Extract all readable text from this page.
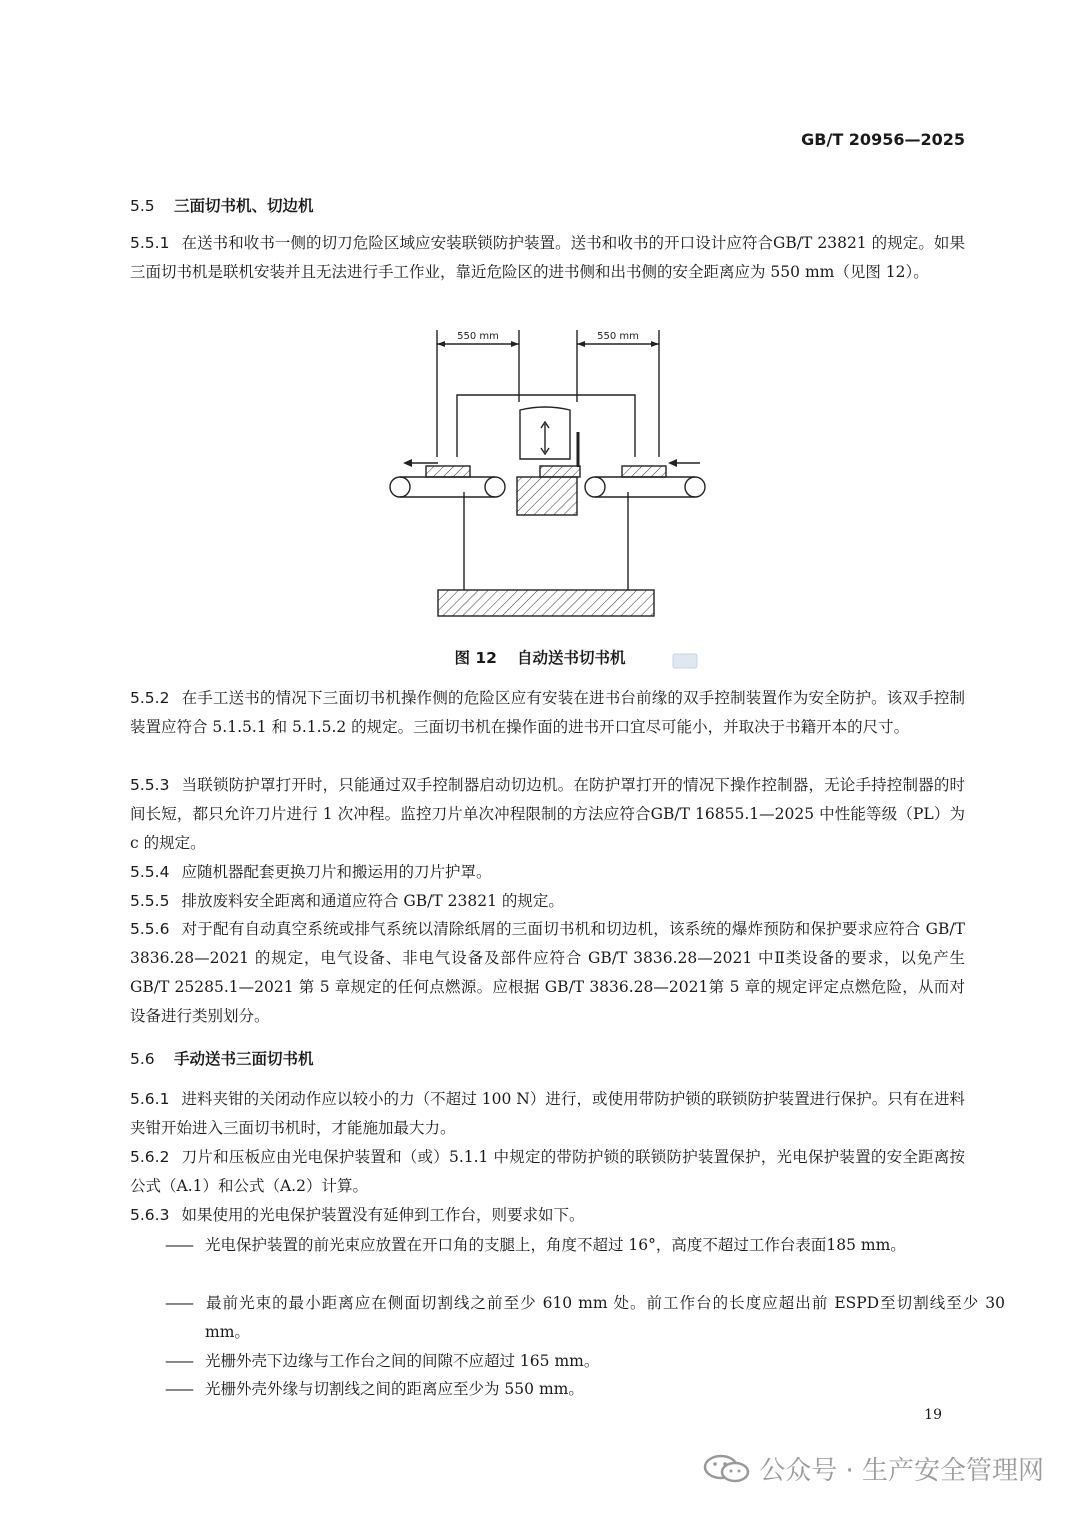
GB/T 20956—2025
5.5 三面切书机、切边机
5.5.1 在送书和收书一侧的切刀危险区域应安装联锁防护装置。送书和收书的开口设计应符合GB/T 23821 的规定。如果三面切书机是联机安装并且无法进行手工作业，靠近危险区的进书侧和出书侧的安全距离应为 550 mm（见图 12）。
550 mm	550 mm
图 12 自动送书切书机
5.5.2 在手工送书的情况下三面切书机操作侧的危险区应有安装在进书台前缘的双手控制装置作为安全防护。该双手控制装置应符合 5.1.5.1 和 5.1.5.2 的规定。三面切书机在操作面的进书开口宜尽可能小，并取决于书籍开本的尺寸。
5.5.3 当联锁防护罩打开时，只能通过双手控制器启动切边机。在防护罩打开的情况下操作控制器，无论手持控制器的时间长短，都只允许刀片进行 1 次冲程。监控刀片单次冲程限制的方法应符合GB/T 16855.1—2025 中性能等级（PL）为 c 的规定。
5.5.4 应随机器配套更换刀片和搬运用的刀片护罩。
5.5.5 排放废料安全距离和通道应符合 GB/T 23821 的规定。
5.5.6 对于配有自动真空系统或排气系统以清除纸屑的三面切书机和切边机，该系统的爆炸预防和保护要求应符合 GB/T 3836.28—2021 的规定，电气设备、非电气设备及部件应符合 GB/T 3836.28—2021 中Ⅱ类设备的要求，以免产生 GB/T 25285.1—2021 第 5 章规定的任何点燃源。应根据 GB/T 3836.28—2021第 5 章的规定评定点燃危险，从而对设备进行类别划分。
5.6 手动送书三面切书机
5.6.1 进料夹钳的关闭动作应以较小的力（不超过 100 N）进行，或使用带防护锁的联锁防护装置进行保护。只有在进料夹钳开始进入三面切书机时，才能施加最大力。
5.6.2 刀片和压板应由光电保护装置和（或）5.1.1 中规定的带防护锁的联锁防护装置保护，光电保护装置的安全距离按公式（A.1）和公式（A.2）计算。
5.6.3 如果使用的光电保护装置没有延伸到工作台，则要求如下。
—— 光电保护装置的前光束应放置在开口角的支腿上，角度不超过 16°，高度不超过工作台表面185 mm。
—— 最前光束的最小距离应在侧面切割线之前至少 610 mm 处。前工作台的长度应超出前 ESPD至切割线至少 30 mm。
—— 光栅外壳下边缘与工作台之间的间隙不应超过 165 mm。
—— 光栅外壳外缘与切割线之间的距离应至少为 550 mm。
19
公众号 · 生产安全管理网
